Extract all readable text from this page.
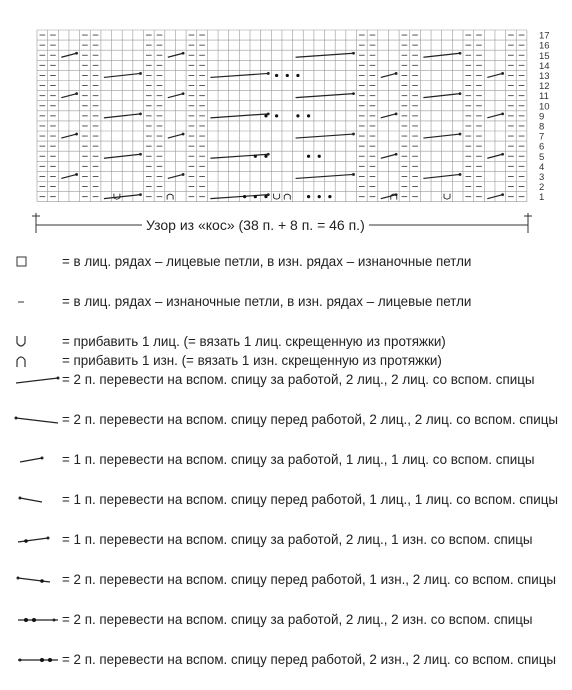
1
2
3
4
5
6
7
8
9
10
11
12
13
14
15
16
17
Узор из «кос» (38 п. + 8 п. = 46 п.)
= в лиц. рядах – лицевые петли, в изн. рядах – изнаночные петли
= в лиц. рядах – изнаночные петли, в изн. рядах – лицевые петли
= прибавить 1 лиц. (= вязать 1 лиц. скрещенную из протяжки)
= прибавить 1 изн. (= вязать 1 изн. скрещенную из протяжки)
= 2 п. перевести на вспом. спицу за работой, 2 лиц., 2 лиц. со вспом. спицы
= 2 п. перевести на вспом. спицу перед работой, 2 лиц., 2 лиц. со вспом. спицы
= 1 п. перевести на вспом. спицу за работой, 1 лиц., 1 лиц. со вспом. спицы
= 1 п. перевести на вспом. спицу перед работой, 1 лиц., 1 лиц. со вспом. спицы
= 1 п. перевести на вспом. спицу за работой, 2 лиц., 1 изн. со вспом. спицы
= 2 п. перевести на вспом. спицу перед работой, 1 изн., 2 лиц. со вспом. спицы
= 2 п. перевести на вспом. спицу за работой, 2 лиц., 2 изн. со вспом. спицы
= 2 п. перевести на вспом. спицу перед работой, 2 изн., 2 лиц. со вспом. спицы
